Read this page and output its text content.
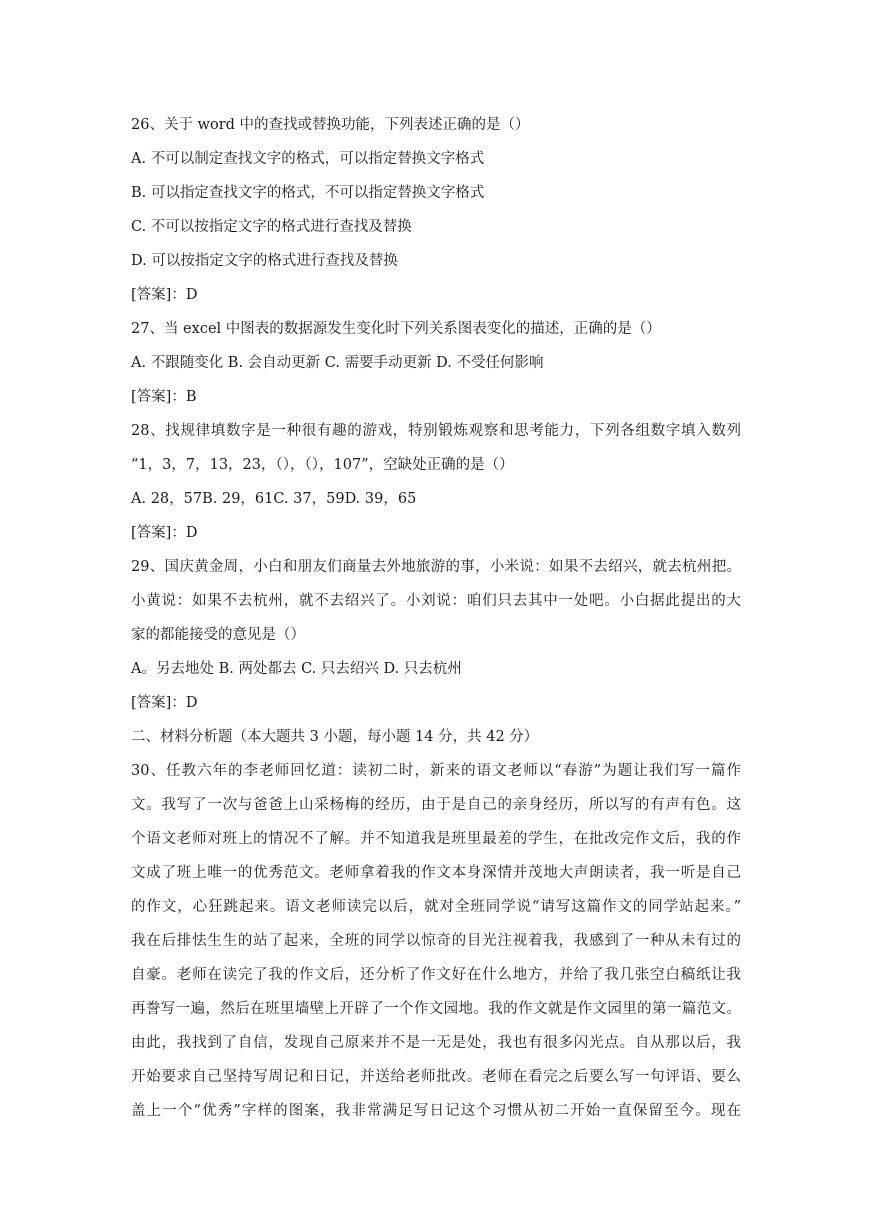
26、关于 word 中的查找或替换功能，下列表述正确的是（）
A. 不可以制定查找文字的格式，可以指定替换文字格式
B. 可以指定查找文字的格式，不可以指定替换文字格式
C. 不可以按指定文字的格式进行查找及替换
D. 可以按指定文字的格式进行查找及替换
[答案]：D
27、当 excel 中图表的数据源发生变化时下列关系图表变化的描述，正确的是（）
A. 不跟随变化 B. 会自动更新 C. 需要手动更新 D. 不受任何影响
[答案]：B
28、找规律填数字是一种很有趣的游戏，特别锻炼观察和思考能力，下列各组数字填入数列
“1，3，7，13，23，（），（），107”，空缺处正确的是（）
A. 28，57B. 29，61C. 37，59D. 39，65
[答案]：D
29、国庆黄金周，小白和朋友们商量去外地旅游的事，小米说：如果不去绍兴，就去杭州把。
小黄说：如果不去杭州，就不去绍兴了。小刘说：咱们只去其中一处吧。小白据此提出的大
家的都能接受的意见是（）
A。另去地处 B. 两处都去 C. 只去绍兴 D. 只去杭州
[答案]：D
二、材料分析题（本大题共 3 小题，每小题 14 分，共 42 分）
30、任教六年的李老师回忆道：读初二时，新来的语文老师以“春游”为题让我们写一篇作
文。我写了一次与爸爸上山采杨梅的经历，由于是自己的亲身经历，所以写的有声有色。这
个语文老师对班上的情况不了解。并不知道我是班里最差的学生，在批改完作文后，我的作
文成了班上唯一的优秀范文。老师拿着我的作文本身深情并茂地大声朗读者，我一听是自己
的作文，心狂跳起来。语文老师读完以后，就对全班同学说“请写这篇作文的同学站起来。”
我在后排怯生生的站了起来，全班的同学以惊奇的目光注视着我，我感到了一种从未有过的
自豪。老师在读完了我的作文后，还分析了作文好在什么地方，并给了我几张空白稿纸让我
再誊写一遍，然后在班里墙壁上开辟了一个作文园地。我的作文就是作文园里的第一篇范文。
由此，我找到了自信，发现自己原来并不是一无是处，我也有很多闪光点。自从那以后，我
开始要求自己坚持写周记和日记，并送给老师批改。老师在看完之后要么写一句评语、要么
盖上一个“优秀”字样的图案，我非常满足写日记这个习惯从初二开始一直保留至今。现在
